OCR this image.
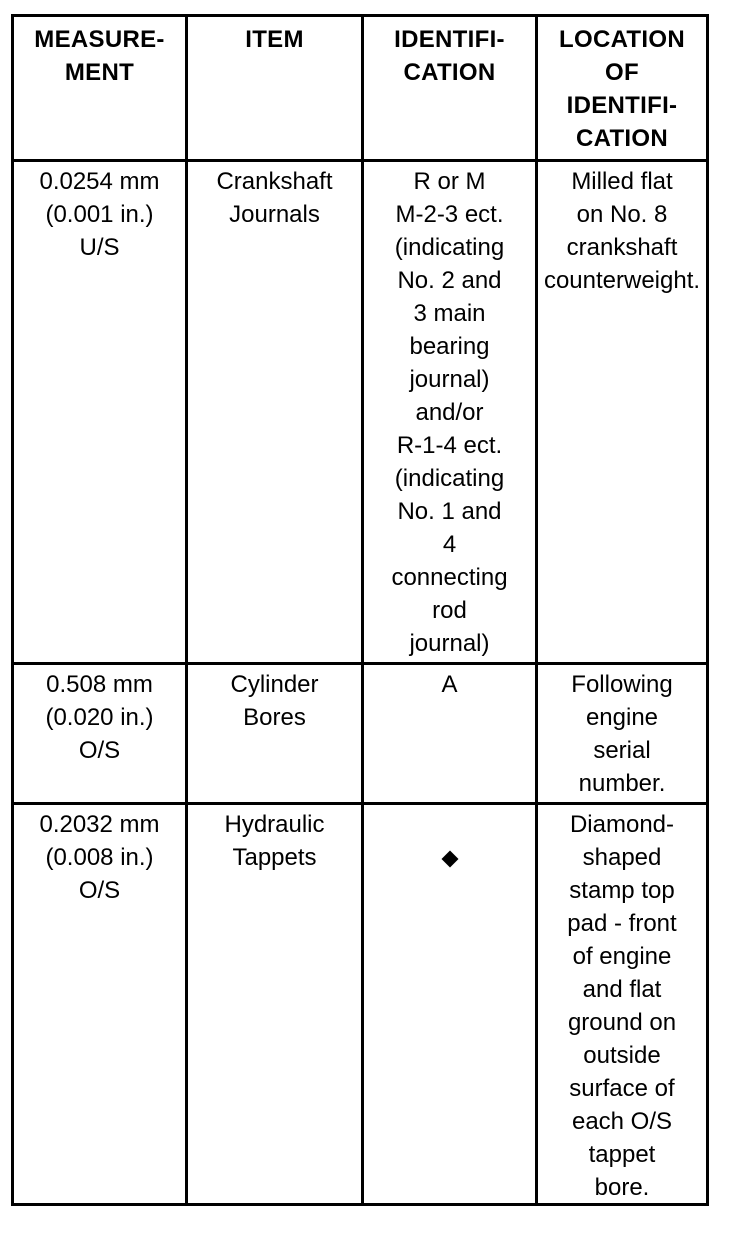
MEASURE-
MENT
ITEM	IDENTIFI-
CATION
LOCATION
OF
IDENTIFI-
CATION
0.0254 mm
(0.001 in.)
U/S
Crankshaft
Journals
R or M
M-2-3 ect.
(indicating
No. 2 and
3 main
bearing
journal)
and/or
R-1-4 ect.
(indicating
No. 1 and
4
connecting
rod
journal)
Milled flat
on No. 8
crankshaft
counterweight.
0.508 mm
(0.020 in.)
O/S
Cylinder
Bores
A	Following
engine
serial
number.
0.2032 mm
(0.008 in.)
O/S
Hydraulic
Tappets

Diamond-
shaped
stamp top
pad - front
of engine
and flat
ground on
outside
surface of
each O/S
tappet
bore.
